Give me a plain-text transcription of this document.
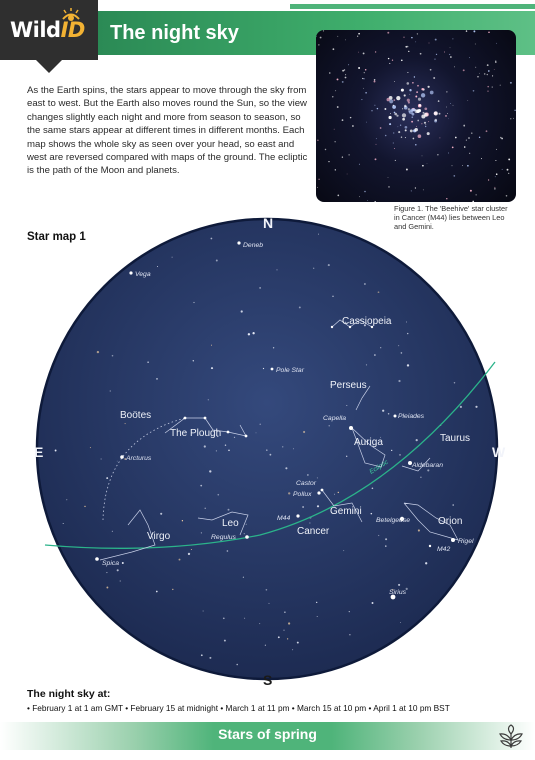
WildID The night sky
As the Earth spins, the stars appear to move through the sky from east to west. But the Earth also moves round the Sun, so the view changes slightly each night and more from season to season, so the same stars appear at different times in different months. Each map shows the whole sky as seen over your head, so east and west are reversed compared with maps of the ground. The ecliptic is the path of the Moon and planets.
Figure 1. The 'Beehive' star cluster in Cancer (M44) lies between Leo and Gemini.
Star map 1
Ecliptic
N
S
E	W
Cassiopeia
Perseus
Boötes
The Plough
Auriga	Taurus
Gemini
Orion
Leo
Cancer
Virgo
Deneb
Vega
Pole Star
Capella	Pleiades
Arcturus
Aldebaran
Castor
Pollux
M44	Betelgeuse
Regulus
M42
Rigel
Spica
Sirius
The night sky at:
• February 1 at 1 am GMT • February 15 at midnight • March 1 at 11 pm • March 15 at 10 pm • April 1 at 10 pm BST
Stars of spring
